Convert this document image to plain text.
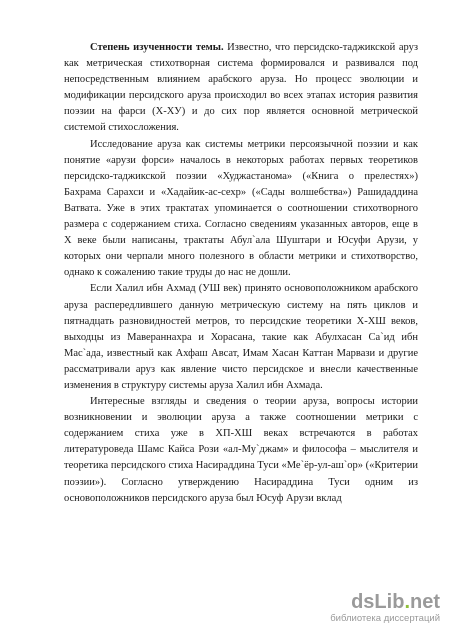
Степень изученности темы. Известно, что персидско-таджикской аруз как метрическая стихотворная система формировался и развивался под непосредственным влиянием арабского аруза. Но процесс эволюции и модификации персидского аруза происходил во всех этапах история развития поэзии на фарси (Х-ХУ) и до сих пор является основной метрической системой стихосложения.

Исследование аруза как системы метрики персоязычной поэзии и как понятие «арузи форси» началось в некоторых работах первых теоретиков персидско-таджикской поэзии «Худжастанома» («Книга о прелестях») Бахрама Сарахси и «Хадайик-ас-сехр» («Сады волшебства») Рашидаддина Ватвата. Уже в этих трактатах упоминается о соотношении стихотворного размера с содержанием стиха. Согласно сведениям указанных авторов, еще в Х веке были написаны, трактаты Абул`ала Шуштари и Юсуфи Арузи, у которых они черпали много полезного в области метрики и стихотворство, однако к сожалению такие труды до нас не дошли.

Если Халил ибн Ахмад (УШ век) принято основоположником арабского аруза распередлившего данную метрическую систему на пять циклов и пятнадцать разновидностей метров, то персидские теоретики Х-ХШ веков, выходцы из Мавераннахра и Хорасана, такие как Абулхасан Са`ид ибн Мас`ада, известный как Ахфаш Авсат, Имам Хасан Каттан Марвази и другие рассматривали аруз как явление чисто персидское и внесли качественные изменения в структуру системы аруза Халил ибн Ахмада.

Интересные взгляды и сведения о теории аруза, вопросы истории возникновении и эволюции аруза а также соотношении метрики с содержанием стиха уже в ХП-ХШ веках встречаются в работах литературоведа Шамс Кайса Рози «ал-Му`джам» и философа – мыслителя и теоретика персидского стиха Насираддина Туси «Ме`ёр-ул-аш`ор» («Критерии поэзии»). Согласно утверждению Насираддина Туси одним из основоположников персидского аруза был Юсуф Арузи вклад

dsLib.net
библиотека диссертаций
